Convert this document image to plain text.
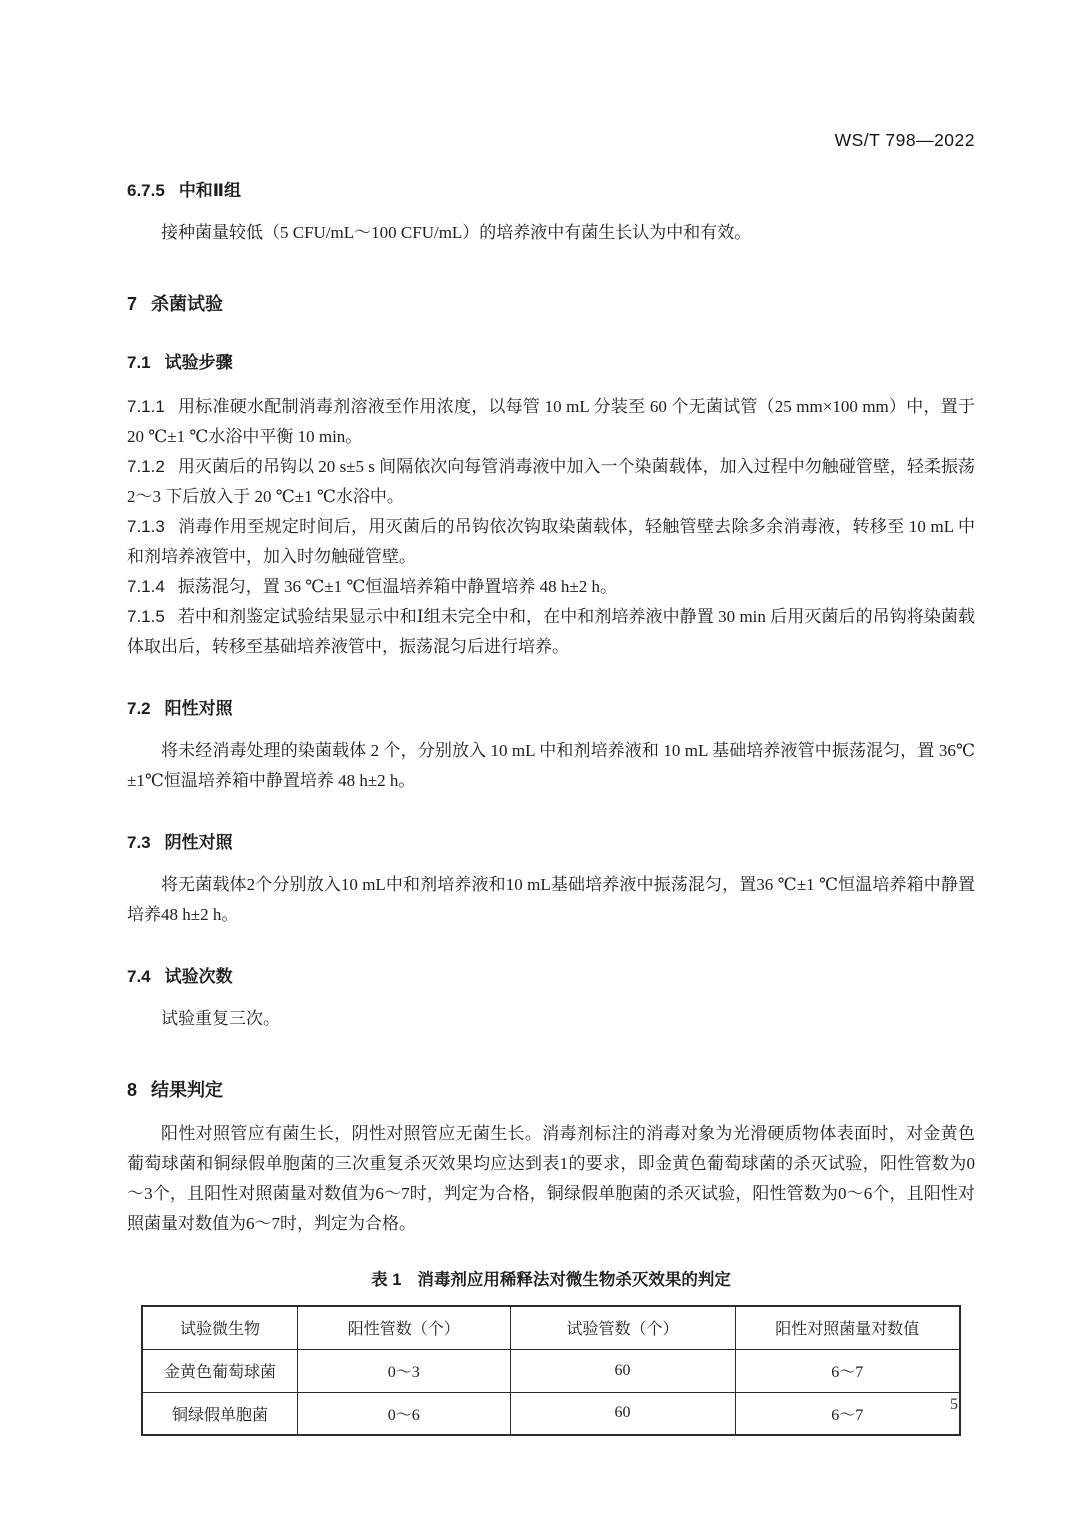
WS/T 798—2022
6.7.5 中和Ⅱ组

接种菌量较低（5 CFU/mL～100 CFU/mL）的培养液中有菌生长认为中和有效。

7 杀菌试验
7.1 试验步骤

7.1.1 用标准硬水配制消毒剂溶液至作用浓度，以每管 10 mL 分装至 60 个无菌试管（25 mm×100 mm）中，置于 20 ℃±1 ℃水浴中平衡 10 min。

7.1.2 用灭菌后的吊钩以 20 s±5 s 间隔依次向每管消毒液中加入一个染菌载体，加入过程中勿触碰管壁，轻柔振荡 2～3 下后放入于 20 ℃±1 ℃水浴中。

7.1.3 消毒作用至规定时间后，用灭菌后的吊钩依次钩取染菌载体，轻触管壁去除多余消毒液，转移至 10 mL 中和剂培养液管中，加入时勿触碰管壁。

7.1.4 振荡混匀，置 36 ℃±1 ℃恒温培养箱中静置培养 48 h±2 h。

7.1.5 若中和剂鉴定试验结果显示中和Ⅰ组未完全中和，在中和剂培养液中静置 30 min 后用灭菌后的吊钩将染菌载体取出后，转移至基础培养液管中，振荡混匀后进行培养。

7.2 阳性对照

将未经消毒处理的染菌载体 2 个，分别放入 10 mL 中和剂培养液和 10 mL 基础培养液管中振荡混匀，置 36℃±1℃恒温培养箱中静置培养 48 h±2 h。

7.3 阴性对照

将无菌载体2个分别放入10 mL中和剂培养液和10 mL基础培养液中振荡混匀，置36 ℃±1 ℃恒温培养箱中静置培养48 h±2 h。

7.4 试验次数

试验重复三次。

8 结果判定

阳性对照管应有菌生长，阴性对照管应无菌生长。消毒剂标注的消毒对象为光滑硬质物体表面时，对金黄色葡萄球菌和铜绿假单胞菌的三次重复杀灭效果均应达到表1的要求，即金黄色葡萄球菌的杀灭试验，阳性管数为0～3个，且阳性对照菌量对数值为6～7时，判定为合格，铜绿假单胞菌的杀灭试验，阳性管数为0～6个，且阳性对照菌量对数值为6～7时，判定为合格。

表 1 消毒剂应用稀释法对微生物杀灭效果的判定
试验微生物	阳性管数（个）	试验管数（个）	阳性对照菌量对数值
金黄色葡萄球菌	0～3	60	6～7
铜绿假单胞菌	0～6	60	6～7
5
